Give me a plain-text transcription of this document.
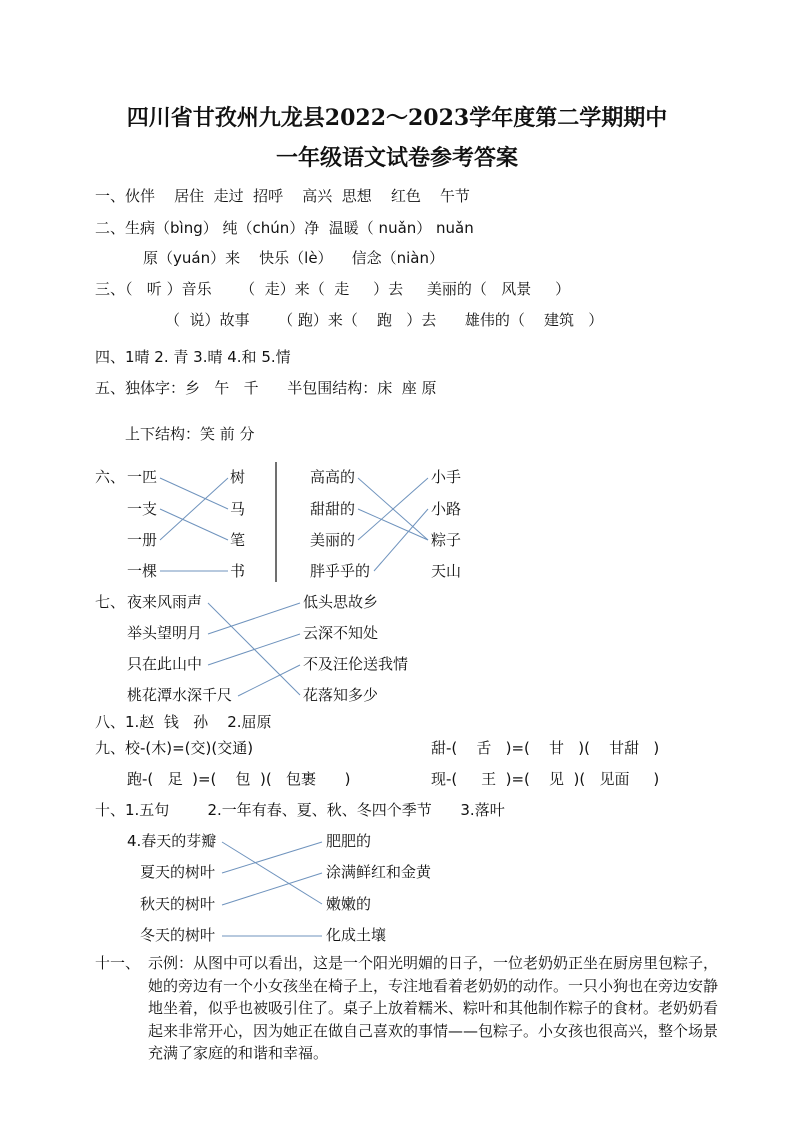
四川省甘孜州九龙县2022～2023学年度第二学期期中
一年级语文试卷参考答案
一、伙伴    居住  走过  招呼    高兴  思想    红色    午节
二、生病（bìng） 纯（chún）净  温暖（ nuǎn） nuǎn
原（yuán）来    快乐（lè）    信念（niàn）
三、（   听 ）音乐      （  走）来（  走     ）去     美丽的（   风景     ）
（  说）故事      （ 跑）来（    跑   ）去      雄伟的（    建筑   ）
四、1晴 2. 青 3.晴 4.和 5.情
五、独体字：乡   午   千      半包围结构：床  座 原
上下结构：笑 前 分
六、 一匹
一支
一册
一棵
树
马
笔
书
高高的
甜甜的
美丽的
胖乎乎的
小手
小路
粽子
天山
七、 夜来风雨声
举头望明月
只在此山中
桃花潭水深千尺
低头思故乡
云深不知处
不及汪伦送我情
花落知多少
八、1.赵  钱   孙    2.屈原
九、校-(木)=(交)(交通)	甜-(    舌   )=(    甘   )(    甘甜   )
跑-(   足  )=(    包  )(   包裹      )	现-(     王  )=(    见  )(   见面     )
十、1.五句        2.一年有春、夏、秋、冬四个季节      3.落叶
4.春天的芽瓣
夏天的树叶
秋天的树叶
冬天的树叶
肥肥的
涂满鲜红和金黄
嫩嫩的
化成土壤
十一、 示例：从图中可以看出，这是一个阳光明媚的日子，一位老奶奶正坐在厨房里包粽子，她的旁边有一个小女孩坐在椅子上，专注地看着老奶奶的动作。一只小狗也在旁边安静地坐着，似乎也被吸引住了。桌子上放着糯米、粽叶和其他制作粽子的食材。老奶奶看起来非常开心，因为她正在做自己喜欢的事情——包粽子。小女孩也很高兴，整个场景充满了家庭的和谐和幸福。
